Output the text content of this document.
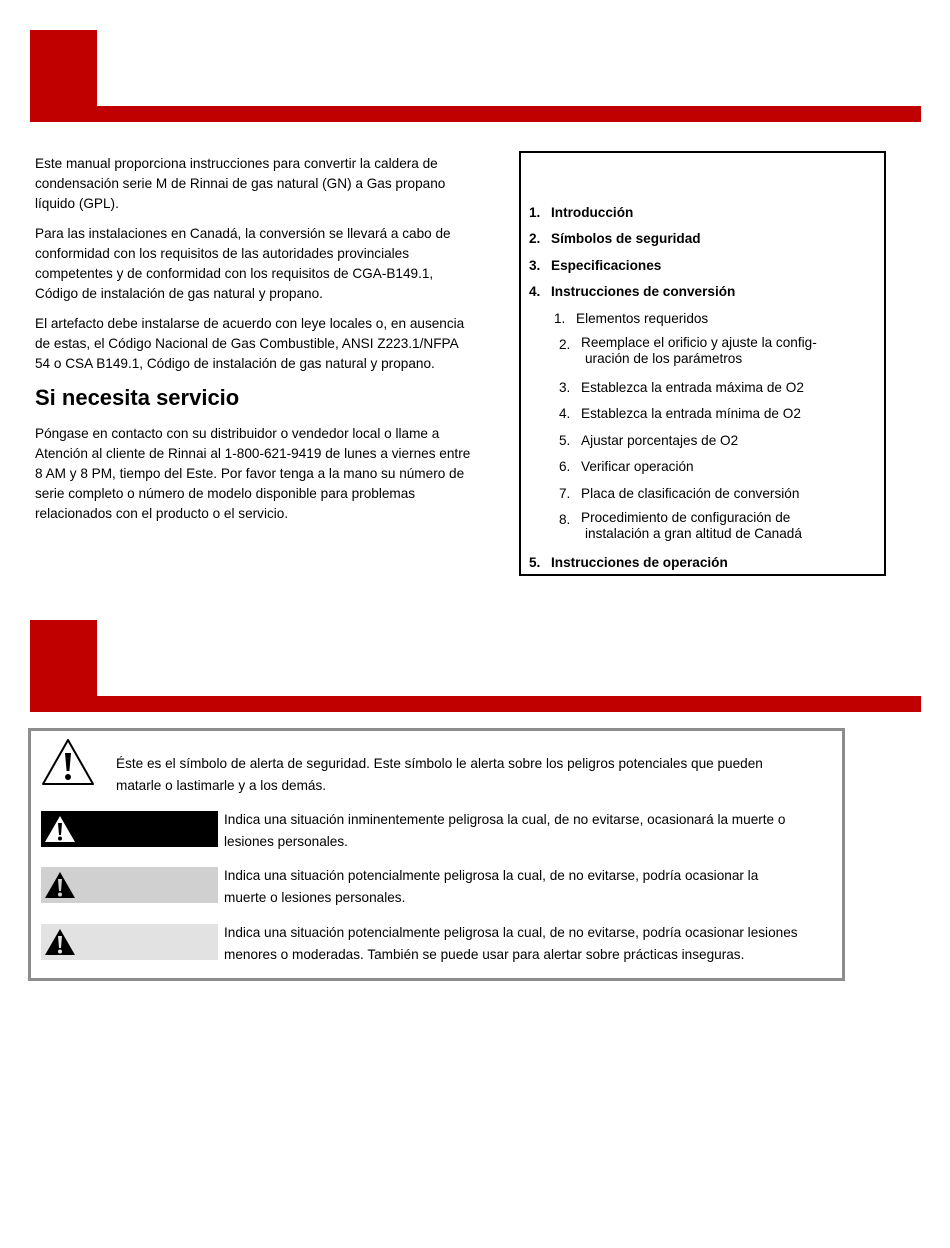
Este manual proporciona instrucciones para convertir la caldera de condensación serie M de Rinnai de gas natural (GN) a Gas propano líquido (GPL).

Para las instalaciones en Canadá, la conversión se llevará a cabo de conformidad con los requisitos de las autoridades provinciales competentes y de conformidad con los requisitos de CGA-B149.1, Código de instalación de gas natural y propano.

El artefacto debe instalarse de acuerdo con leye locales o, en ausencia de estas, el Código Nacional de Gas Combustible, ANSI Z223.1/NFPA 54 o CSA B149.1, Código de instalación de gas natural y propano.

Si necesita servicio

Póngase en contacto con su distribuidor o vendedor local o llame a Atención al cliente de Rinnai al 1-800-621-9419 de lunes a viernes entre 8 AM y 8 PM, tiempo del Este. Por favor tenga a la mano su número de serie completo o número de modelo disponible para problemas relacionados con el producto o el servicio.

1. Introducción
2. Símbolos de seguridad
3. Especificaciones
4. Instrucciones de conversión
1. Elementos requeridos
2. Reemplace el orificio y ajuste la config-
uración de los parámetros
3. Establezca la entrada máxima de O2
4. Establezca la entrada mínima de O2
5. Ajustar porcentajes de O2
6. Verificar operación
7. Placa de clasificación de conversión
8. Procedimiento de configuración de
instalación a gran altitud de Canadá
5. Instrucciones de operación
Éste es el símbolo de alerta de seguridad. Este símbolo le alerta sobre los peligros potenciales que pueden matarle o lastimarle y a los demás.
Indica una situación inminentemente peligrosa la cual, de no evitarse, ocasionará la muerte o lesiones personales.
Indica una situación potencialmente peligrosa la cual, de no evitarse, podría ocasionar la muerte o lesiones personales.
Indica una situación potencialmente peligrosa la cual, de no evitarse, podría ocasionar lesiones menores o moderadas. También se puede usar para alertar sobre prácticas inseguras.
